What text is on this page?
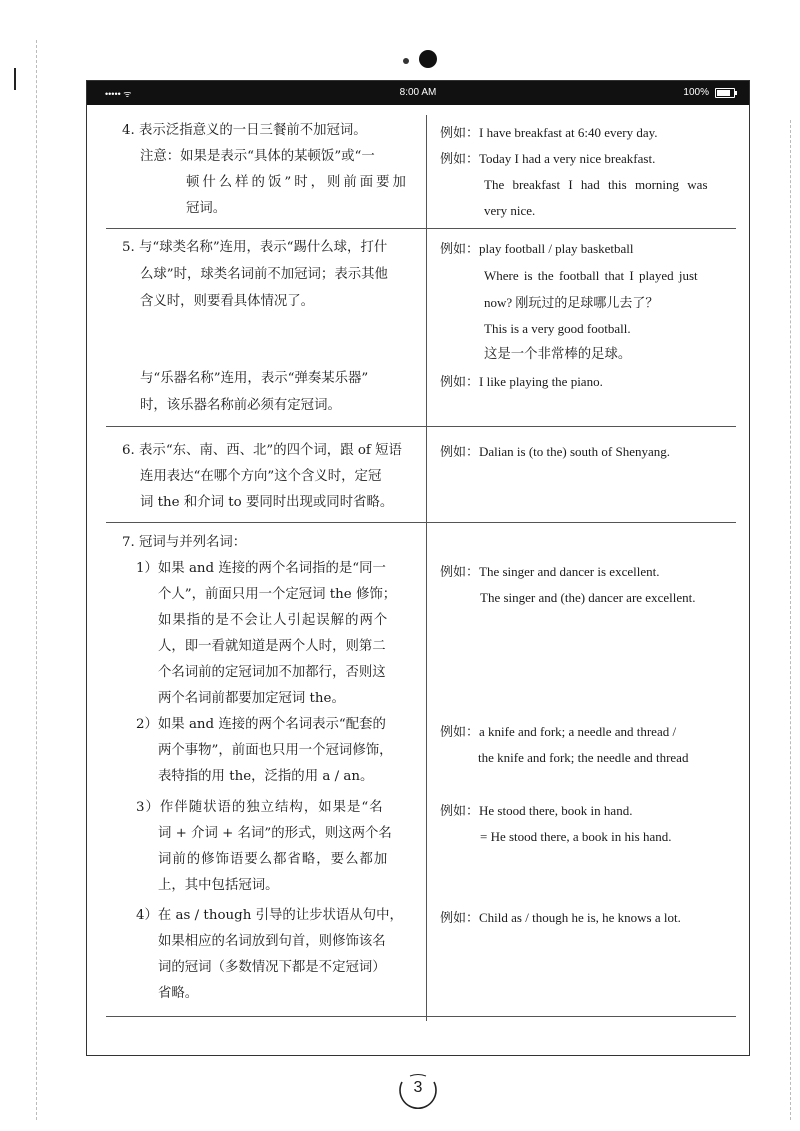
••••• ᯤ	8:00 AM	100%
4. 表示泛指意义的一日三餐前不加冠词。
注意：如果是表示“具体的某顿饭”或“一
顿什么样的饭”时，则前面要加
冠词。
例如：I have breakfast at 6:40 every day.
例如：Today I had a very nice breakfast.
The breakfast I had this morning was
very nice.
5. 与“球类名称”连用，表示“踢什么球，打什
么球”时，球类名词前不加冠词；表示其他
含义时，则要看具体情况了。
与“乐器名称”连用，表示“弹奏某乐器”
时，该乐器名称前必须有定冠词。
例如：play football / play basketball
Where is the football that I played just
now? 刚玩过的足球哪儿去了？
This is a very good football.
这是一个非常棒的足球。
例如：I like playing the piano.
6. 表示“东、南、西、北”的四个词，跟 of 短语
连用表达“在哪个方向”这个含义时，定冠
词 the 和介词 to 要同时出现或同时省略。
例如：Dalian is (to the) south of Shenyang.
7. 冠词与并列名词：
1）如果 and 连接的两个名词指的是“同一
个人”，前面只用一个定冠词 the 修饰；
如果指的是不会让人引起误解的两个
人，即一看就知道是两个人时，则第二
个名词前的定冠词加不加都行，否则这
两个名词前都要加定冠词 the。
2）如果 and 连接的两个名词表示“配套的
两个事物”，前面也只用一个冠词修饰，
表特指的用 the，泛指的用 a / an。
3）作伴随状语的独立结构，如果是“名
词 + 介词 + 名词”的形式，则这两个名
词前的修饰语要么都省略，要么都加
上，其中包括冠词。
4）在 as / though 引导的让步状语从句中，
如果相应的名词放到句首，则修饰该名
词的冠词（多数情况下都是不定冠词）
省略。
例如：The singer and dancer is excellent.
The singer and (the) dancer are excellent.
例如：a knife and fork; a needle and thread /
the knife and fork; the needle and thread
例如：He stood there, book in hand.
= He stood there, a book in his hand.
例如：Child as / though he is, he knows a lot.
3
